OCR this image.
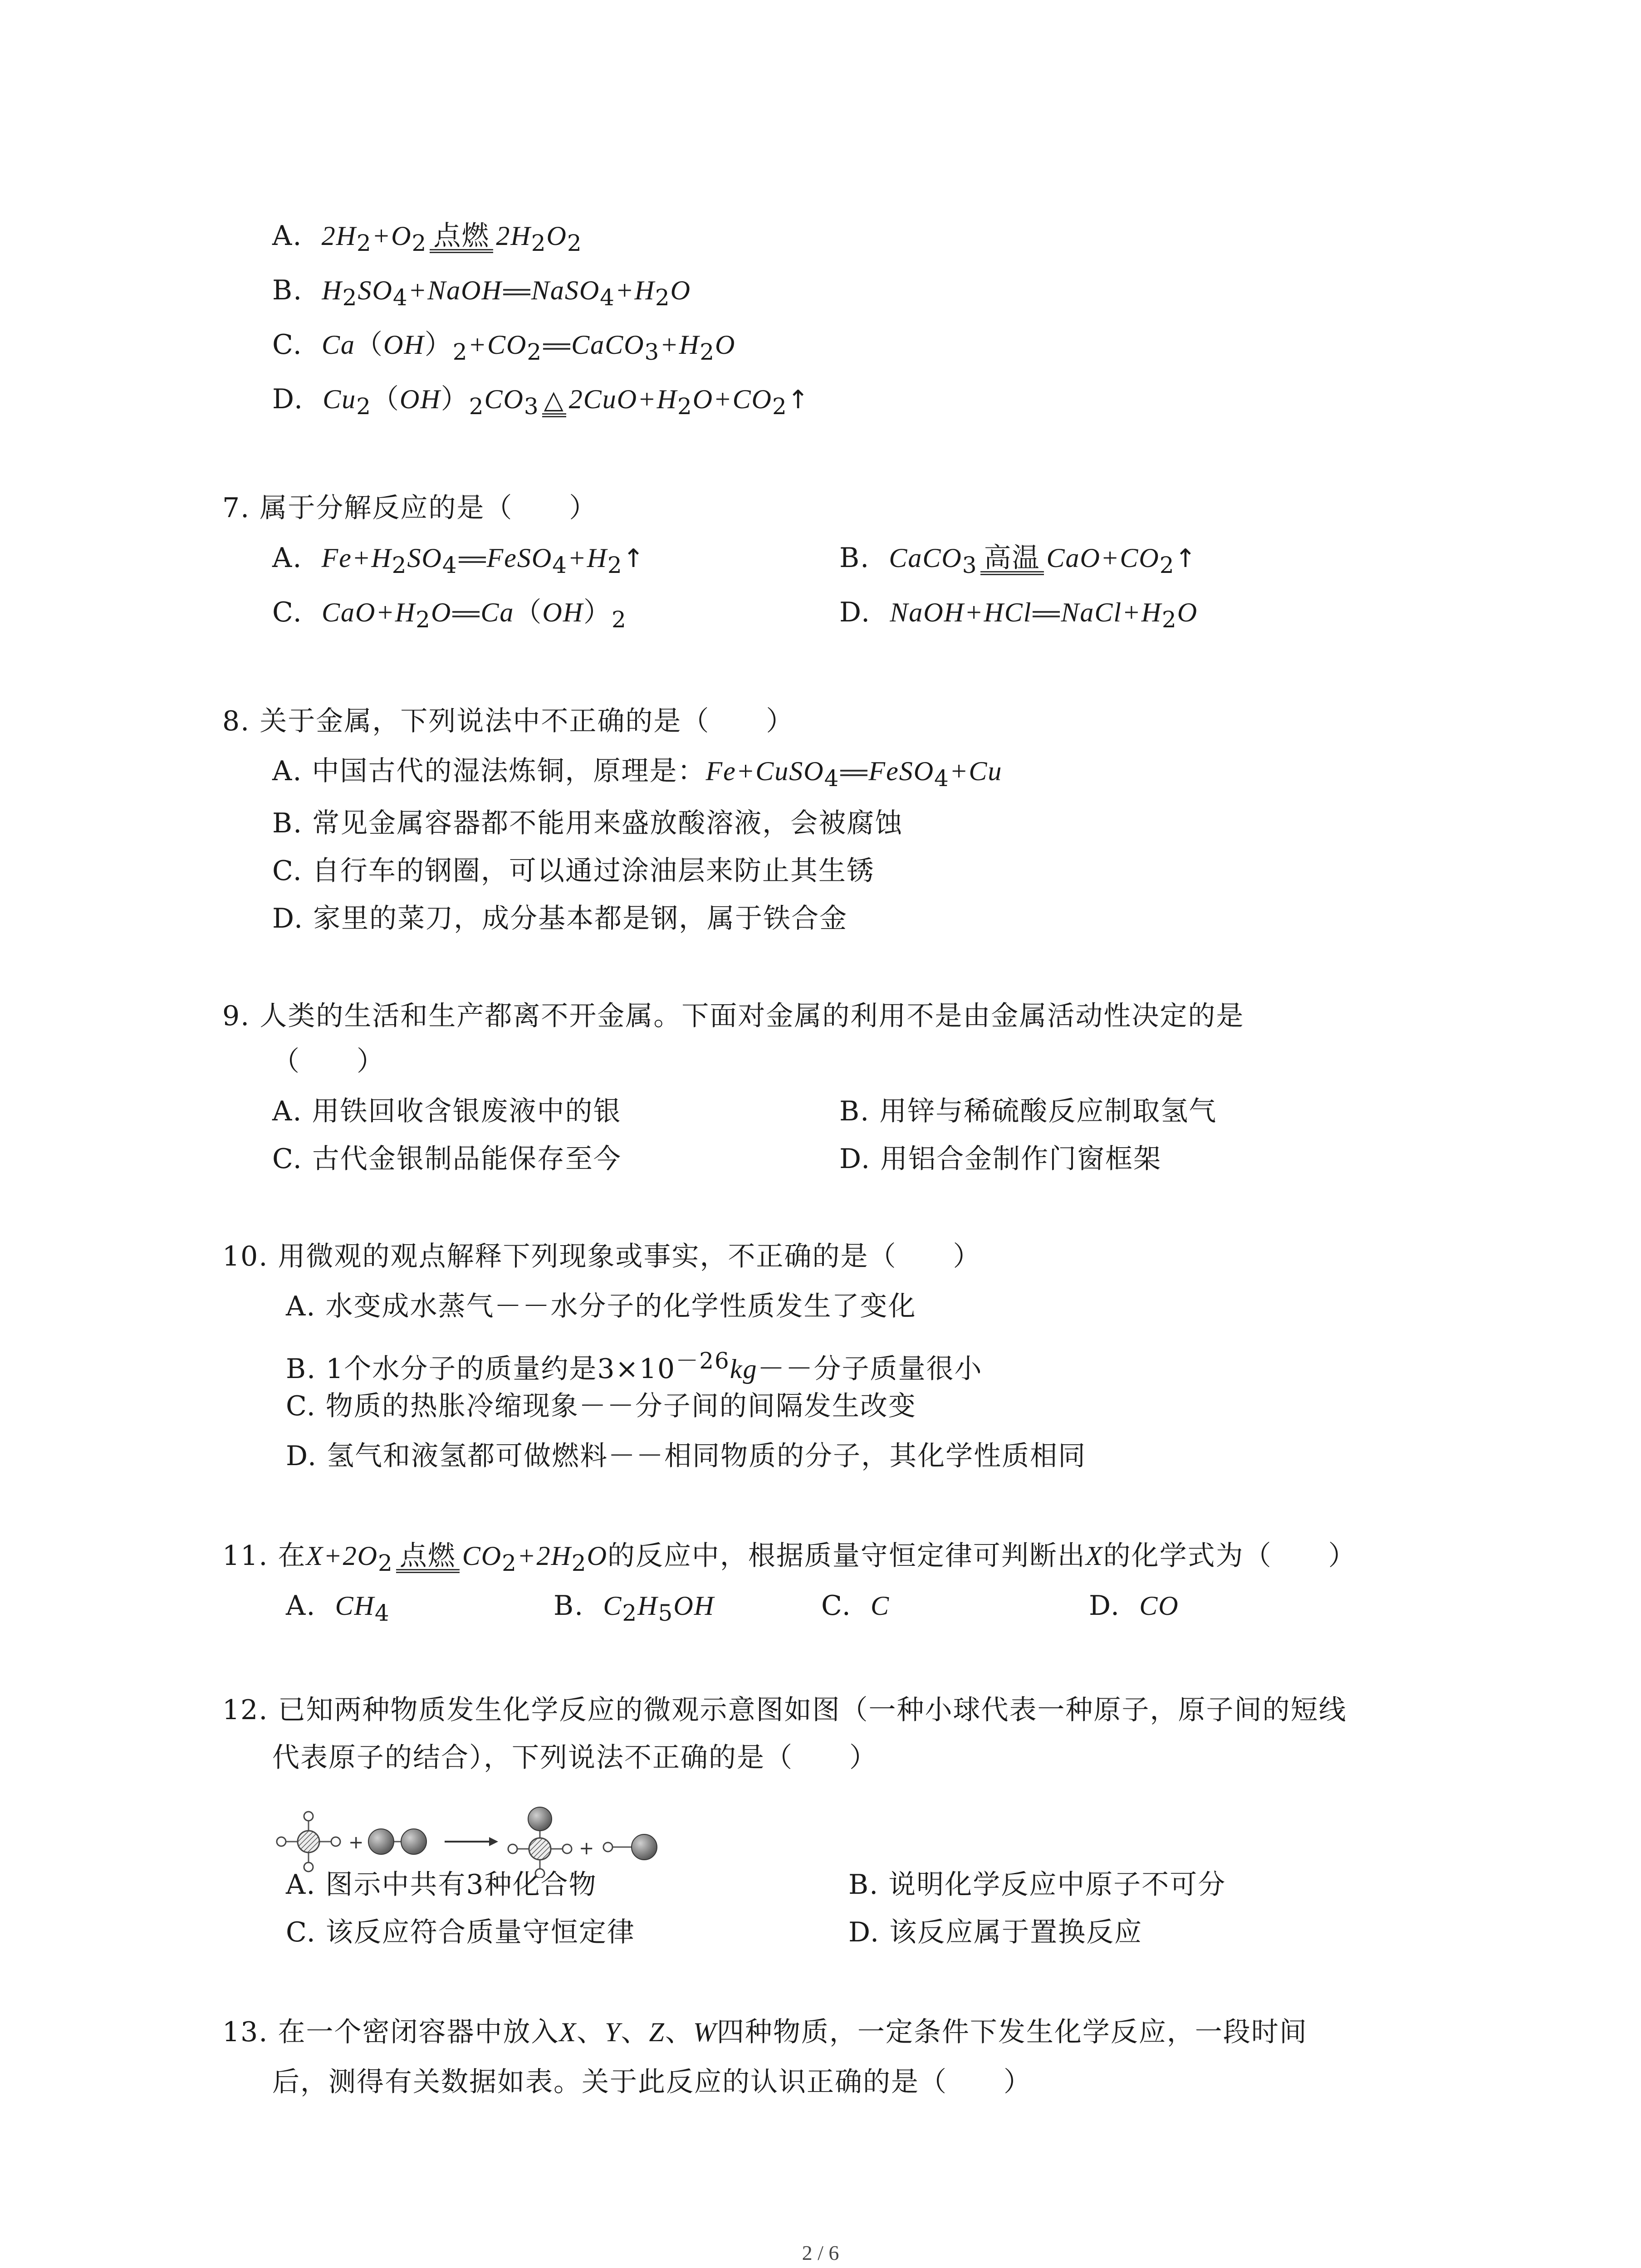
A. $2H_2+O_2$ 点燃 $2H_2O_2$
B. $H_2SO_4+NaOH$ $NaSO_4+H_2O$
C. $Ca(OH)_2+CO_2$ $CaCO_3+H_2O$
D. $Cu_2(OH)_2CO_3$ △ $2CuO+H_2O+CO_2↑$
7. 属于分解反应的是（　　）
A. $Fe+H_2SO_4$ $FeSO_4+H_2↑$	B. CaCO$_3$ 高温 $CaO+CO_2↑$
C. $CaO+H_2O$ $Ca(OH)_2$	D. NaOH+HCl $NaCl+H_2O$
8. 关于金属，下列说法中不正确的是（　　）
A. 中国古代的湿法炼铜，原理是：Fe+CuSO$_4$ FeSO$_4$+Cu
B. 常见金属容器都不能用来盛放酸溶液，会被腐蚀
C. 自行车的钢圈，可以通过涂油层来防止其生锈
D. 家里的菜刀，成分基本都是钢，属于铁合金
9. 人类的生活和生产都离不开金属。下面对金属的利用不是由金属活动性决定的是
（　　）
A. 用铁回收含银废液中的银	B. 用锌与稀硫酸反应制取氢气
C. 古代金银制品能保存至今	D. 用铝合金制作门窗框架
10. 用微观的观点解释下列现象或事实，不正确的是（　　）
A. 水变成水蒸气－－水分子的化学性质发生了变化
B. 1个水分子的质量约是$3\times 10^{-26}kg--$分子质量很小
C. 物质的热胀冷缩现象－－分子间的间隔发生改变
D. 氢气和液氢都可做燃料－－相同物质的分子，其化学性质相同
11. 在$X+2O_2$ 点燃 $CO_2+2H_2O$的反应中，根据质量守恒定律可判断出X的化学式为（　　）
A. $CH_4$	B. $C_2H_5OH$	C. C	D. CO
12. 已知两种物质发生化学反应的微观示意图如图（一种小球代表一种原子，原子间的短线
代表原子的结合），下列说法不正确的是（　　）
+	+
A. 图示中共有3种化合物	B. 说明化学反应中原子不可分
C. 该反应符合质量守恒定律	D. 该反应属于置换反应
13. 在一个密闭容器中放入X、Y、Z、W四种物质，一定条件下发生化学反应，一段时间
后，测得有关数据如表。关于此反应的认识正确的是（　　）
2 / 6
